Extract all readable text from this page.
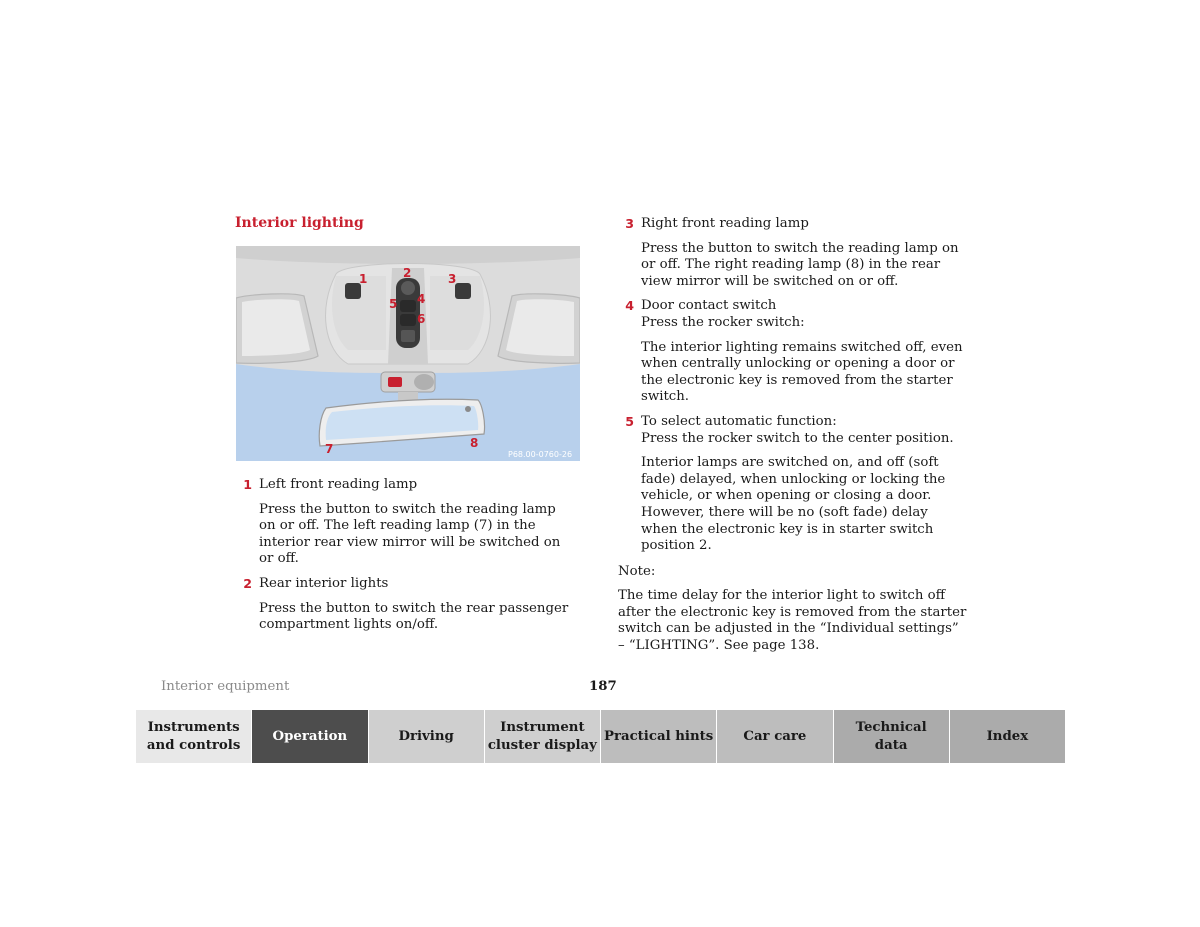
Interior lighting
1	2	3
4
5
6
7	8
P68.00-0760-26
1 Left front reading lamp

Press the button to switch the reading lamp on or off. The left reading lamp (7) in the interior rear view mirror will be switched on or off.

2 Rear interior lights

Press the button to switch the rear passenger compartment lights on/off.

3 Right front reading lamp

Press the button to switch the reading lamp on or off. The right reading lamp (8) in the rear view mirror will be switched on or off.

4 Door contact switch

Press the rocker switch:

The interior lighting remains switched off, even when centrally unlocking or opening a door or the electronic key is removed from the starter switch.

5 To select automatic function:

Press the rocker switch to the center position.

Interior lamps are switched on, and off (soft fade) delayed, when unlocking or locking the vehicle, or when opening or closing a door. However, there will be no (soft fade) delay when the electronic key is in starter switch position 2.

Note:

The time delay for the interior light to switch off after the electronic key is removed from the starter switch can be adjusted in the “Individual settings” – “LIGHTING”. See page 138.

Interior equipment	187
Instruments
and controls
Operation	Driving
Instrument
cluster display
Practical hints Car care
Technical
data
Index
